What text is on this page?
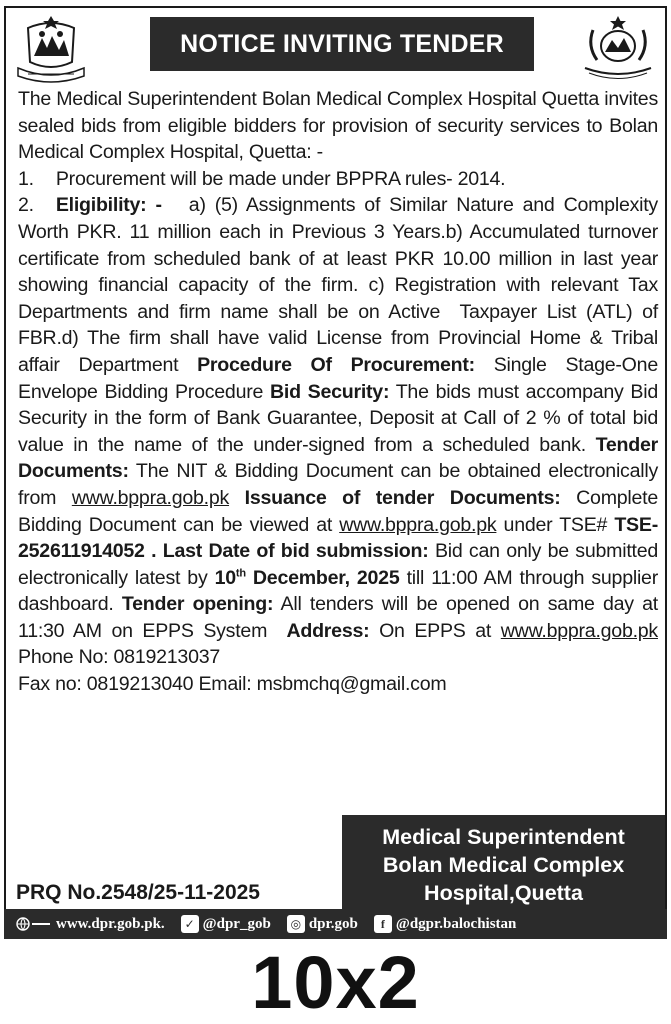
NOTICE INVITING TENDER

The Medical Superintendent Bolan Medical Complex Hospital Quetta invites sealed bids from eligible bidders for provision of security services to Bolan Medical Complex Hospital, Quetta: -

1. Procurement will be made under BPPRA rules- 2014.

2. Eligibility: - a) (5) Assignments of Similar Nature and Complexity Worth PKR. 11 million each in Previous 3 Years.b) Accumulated turnover certificate from scheduled bank of at least PKR 10.00 million in last year showing financial capacity of the firm. c) Registration with relevant Tax Departments and firm name shall be on Active Taxpayer List (ATL) of FBR.d) The firm shall have valid License from Provincial Home & Tribal affair Department Procedure Of Procurement: Single Stage-One Envelope Bidding Procedure Bid Security: The bids must accompany Bid Security in the form of Bank Guarantee, Deposit at Call of 2 % of total bid value in the name of the under-signed from a scheduled bank. Tender Documents: The NIT & Bidding Document can be obtained electronically from www.bppra.gob.pk Issuance of tender Documents: Complete Bidding Document can be viewed at www.bppra.gob.pk under TSE# TSE-252611914052 . Last Date of bid submission: Bid can only be submitted electronically latest by 10th December, 2025 till 11:00 AM through supplier dashboard. Tender opening: All tenders will be opened on same day at 11:30 AM on EPPS System Address: On EPPS at www.bppra.gob.pk Phone No: 0819213037

Fax no: 0819213040 Email: msbmchq@gmail.com

Medical Superintendent
Bolan Medical Complex
Hospital,Quetta
PRQ No.2548/25-11-2025
www.dpr.gob.pk.	✓ @dpr_gob	◎ dpr.gob	f @dgpr.balochistan
10x2
